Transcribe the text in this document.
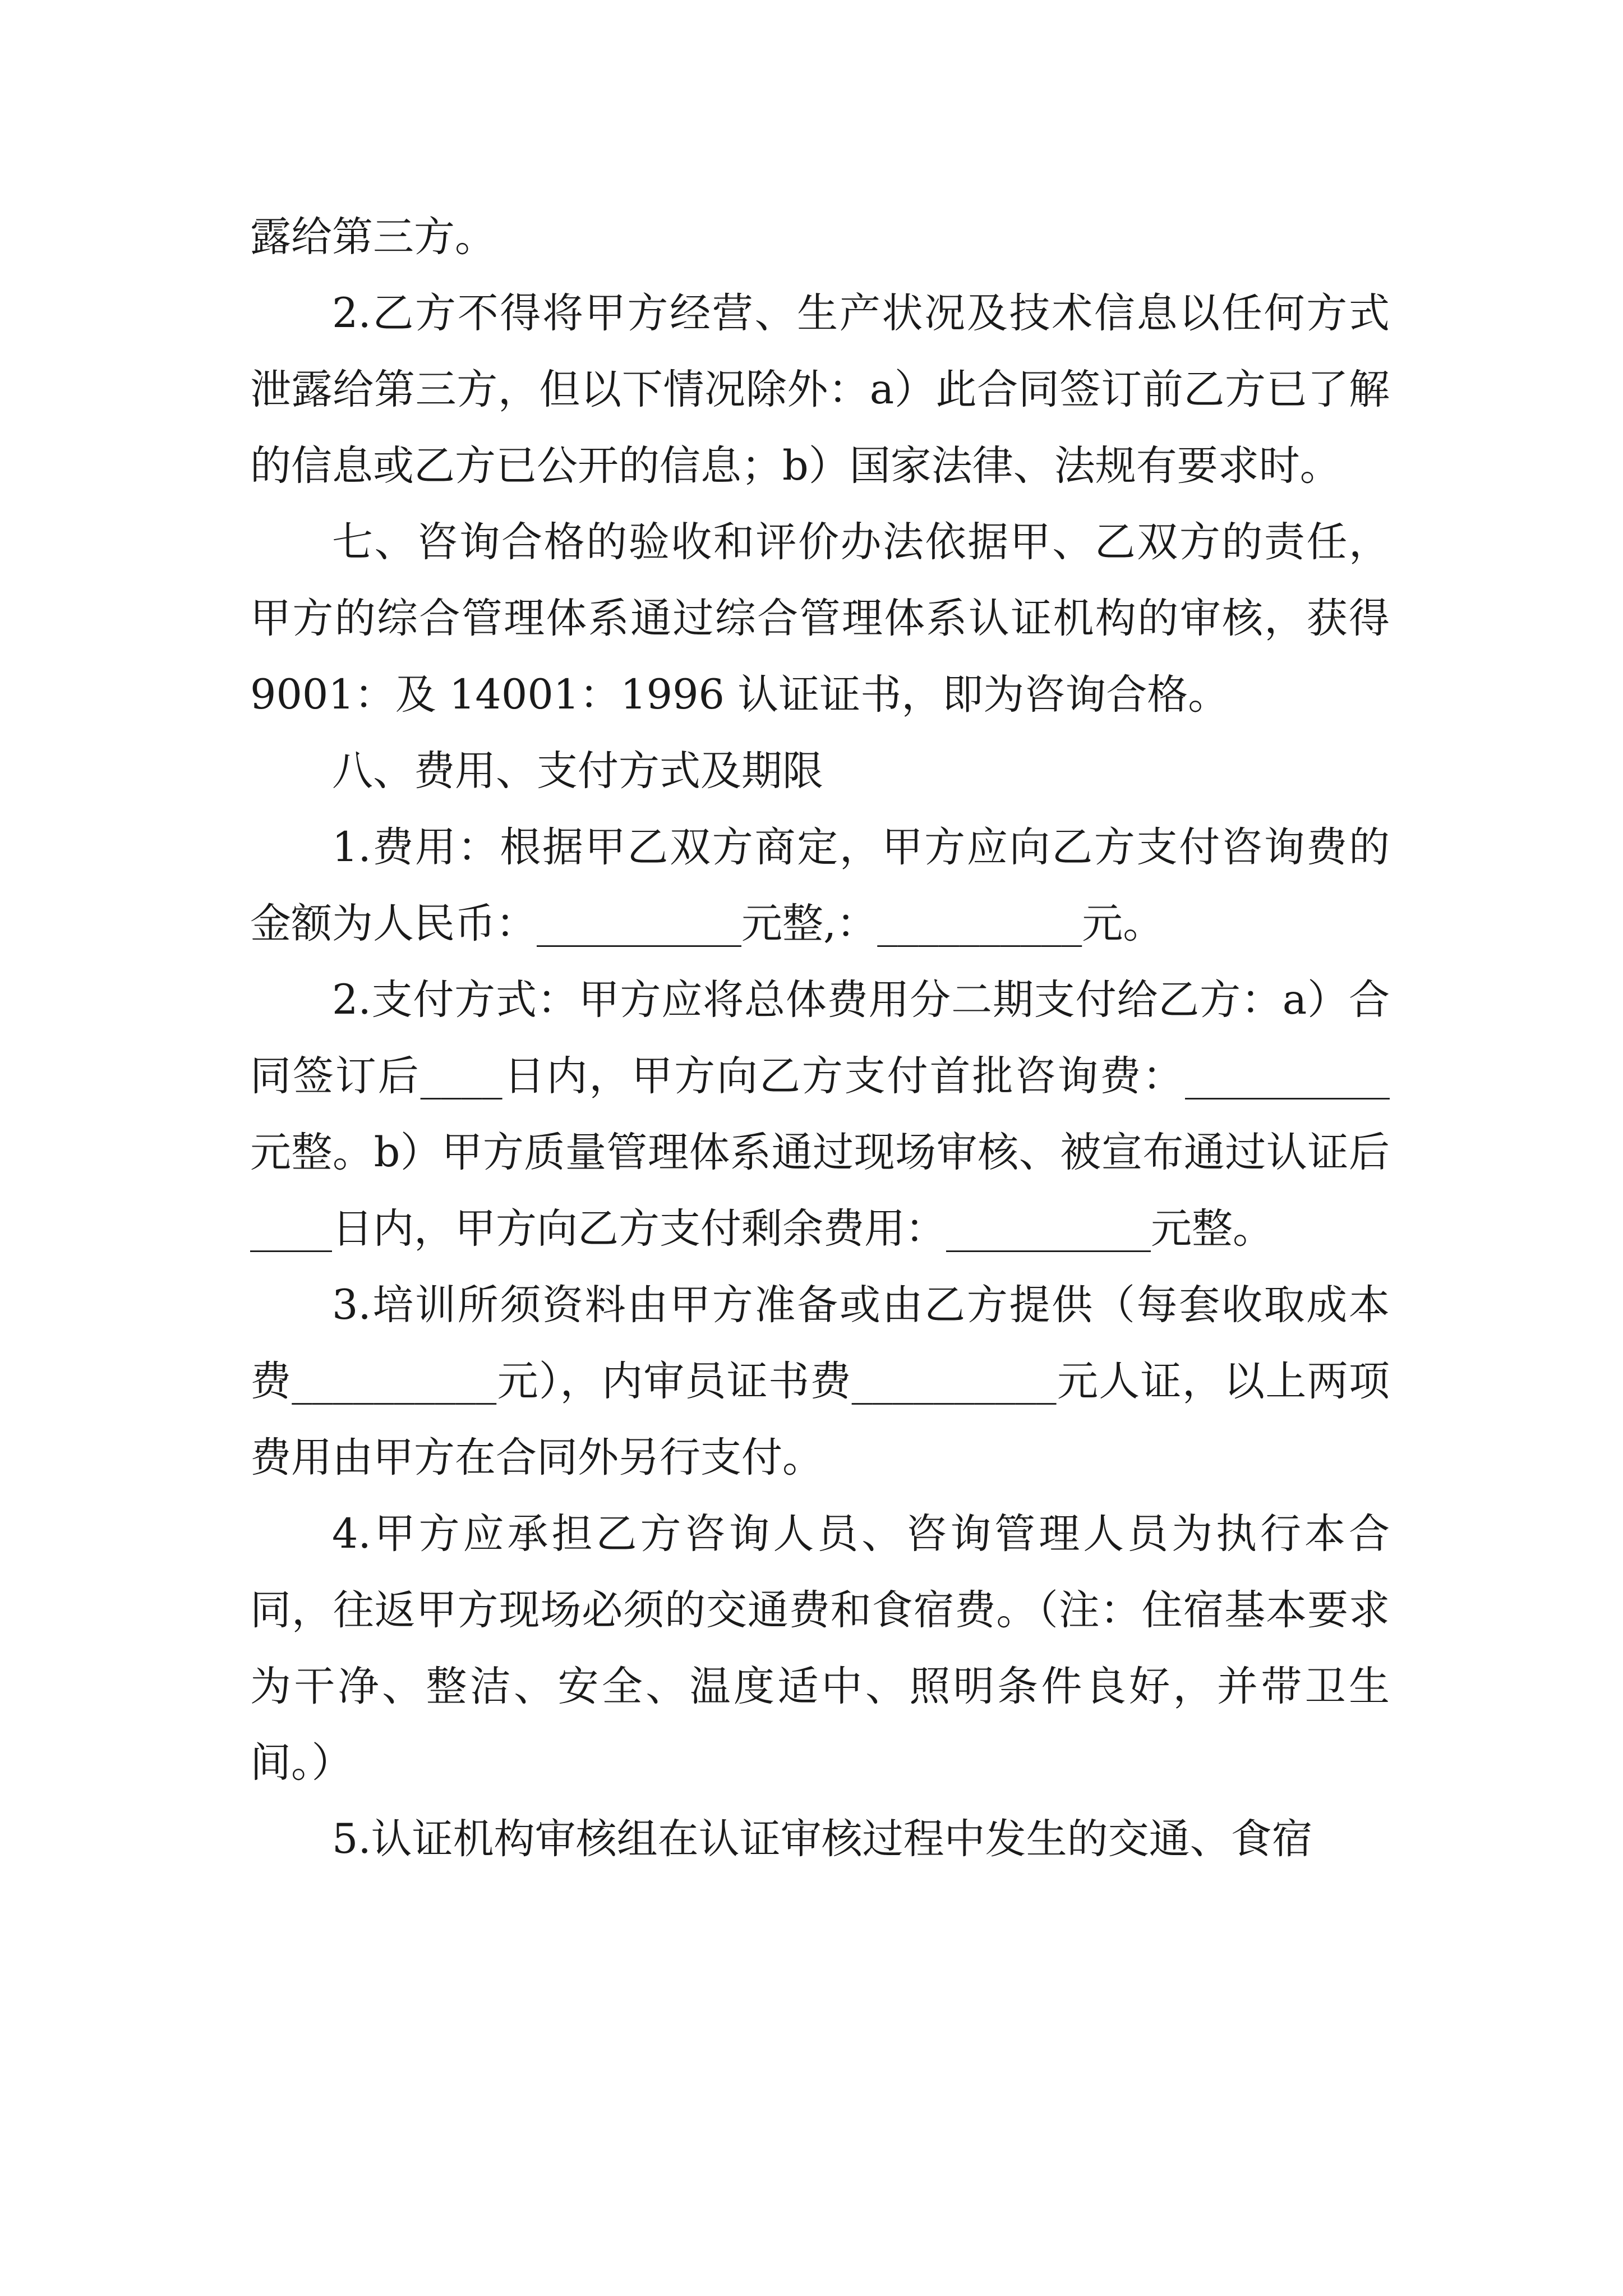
露给第三方。

2.乙方不得将甲方经营、生产状况及技术信息以任何方式泄露给第三方，但以下情况除外：a）此合同签订前乙方已了解的信息或乙方已公开的信息；b）国家法律、法规有要求时。

七、咨询合格的验收和评价办法依据甲、乙双方的责任，甲方的综合管理体系通过综合管理体系认证机构的审核，获得 9001：及 14001：1996 认证证书，即为咨询合格。

八、费用、支付方式及期限

1.费用：根据甲乙双方商定，甲方应向乙方支付咨询费的金额为人民币：__________元整,：__________元。

2.支付方式：甲方应将总体费用分二期支付给乙方：a）合同签订后____日内，甲方向乙方支付首批咨询费：__________元整。b）甲方质量管理体系通过现场审核、被宣布通过认证后____日内，甲方向乙方支付剩余费用：__________元整。

3.培训所须资料由甲方准备或由乙方提供（每套收取成本费__________元），内审员证书费__________元人证，以上两项费用由甲方在合同外另行支付。

4.甲方应承担乙方咨询人员、咨询管理人员为执行本合同，往返甲方现场必须的交通费和食宿费。（注：住宿基本要求为干净、整洁、安全、温度适中、照明条件良好，并带卫生间。）

5.认证机构审核组在认证审核过程中发生的交通、食宿
